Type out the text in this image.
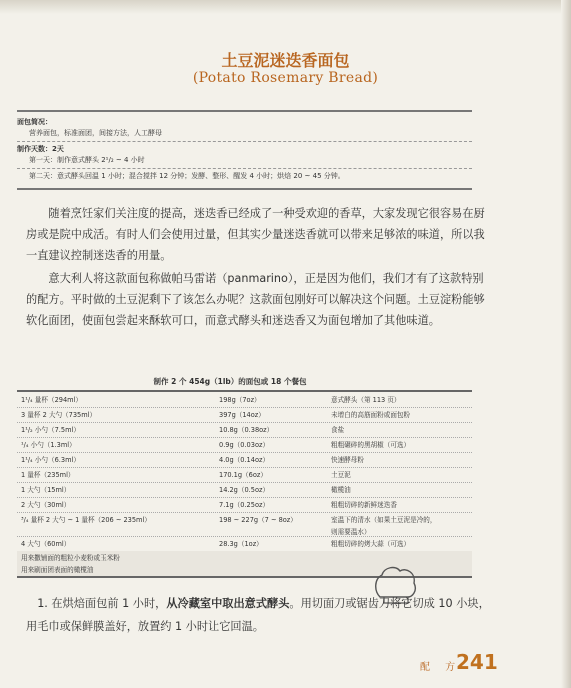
土豆泥迷迭香面包
(Potato Rosemary Bread)
面包简况：
营养面包，标准面团，间接方法，人工酵母
制作天数：2天
第一天：制作意式酵头 2¹/₂ ~ 4 小时
第二天：意式酵头回温 1 小时；混合搅拌 12 分钟；发酵、整形、醒发 4 小时；烘焙 20 ~ 45 分钟。

随着烹饪家们关注度的提高，迷迭香已经成了一种受欢迎的香草，大家发现它很容易在厨房或是院中成活。有时人们会使用过量，但其实少量迷迭香就可以带来足够浓的味道，所以我一直建议控制迷迭香的用量。

意大利人将这款面包称做帕马雷诺（panmarino），正是因为他们，我们才有了这款特别的配方。平时做的土豆泥剩下了该怎么办呢？这款面包刚好可以解决这个问题。土豆淀粉能够软化面团，使面包尝起来酥软可口，而意式酵头和迷迭香又为面包增加了其他味道。

制作 2 个 454g（1lb）的面包或 18 个餐包
1¹/₄ 量杯（294ml）	198g（7oz）	意式酵头（第 113 页）
3 量杯 2 大勺（735ml）	397g（14oz）	未增白的高筋面粉或面包粉
1¹/₂ 小勺（7.5ml）	10.8g（0.38oz）	食盐
¹/₄ 小勺（1.3ml）	0.9g（0.03oz）	粗粗碾碎的黑胡椒（可选）
1¹/₄ 小勺（6.3ml）	4.0g（0.14oz）	快速酵母粉
1 量杯（235ml）	170.1g（6oz）	土豆泥
1 大勺（15ml）	14.2g（0.5oz）	橄榄油
2 大勺（30ml）	7.1g（0.25oz）	粗粗切碎的新鲜迷迭香
³/₄ 量杯 2 大勺 ~ 1 量杯（206 ~ 235ml）	198 ~ 227g（7 ~ 8oz）	室温下的清水（如果土豆泥是冷的，
则需要温水）
4 大勺（60ml）	28.3g（1oz）	粗粗切碎的烤大蒜（可选）
用来撒铺面的粗粒小麦粉或玉米粉
用来刷面团表面的橄榄油

1. 在烘焙面包前 1 小时，从冷藏室中取出意式酵头。用切面刀或锯齿刀将它切成 10 小块，用毛巾或保鲜膜盖好，放置约 1 小时让它回温。

配 方
241
